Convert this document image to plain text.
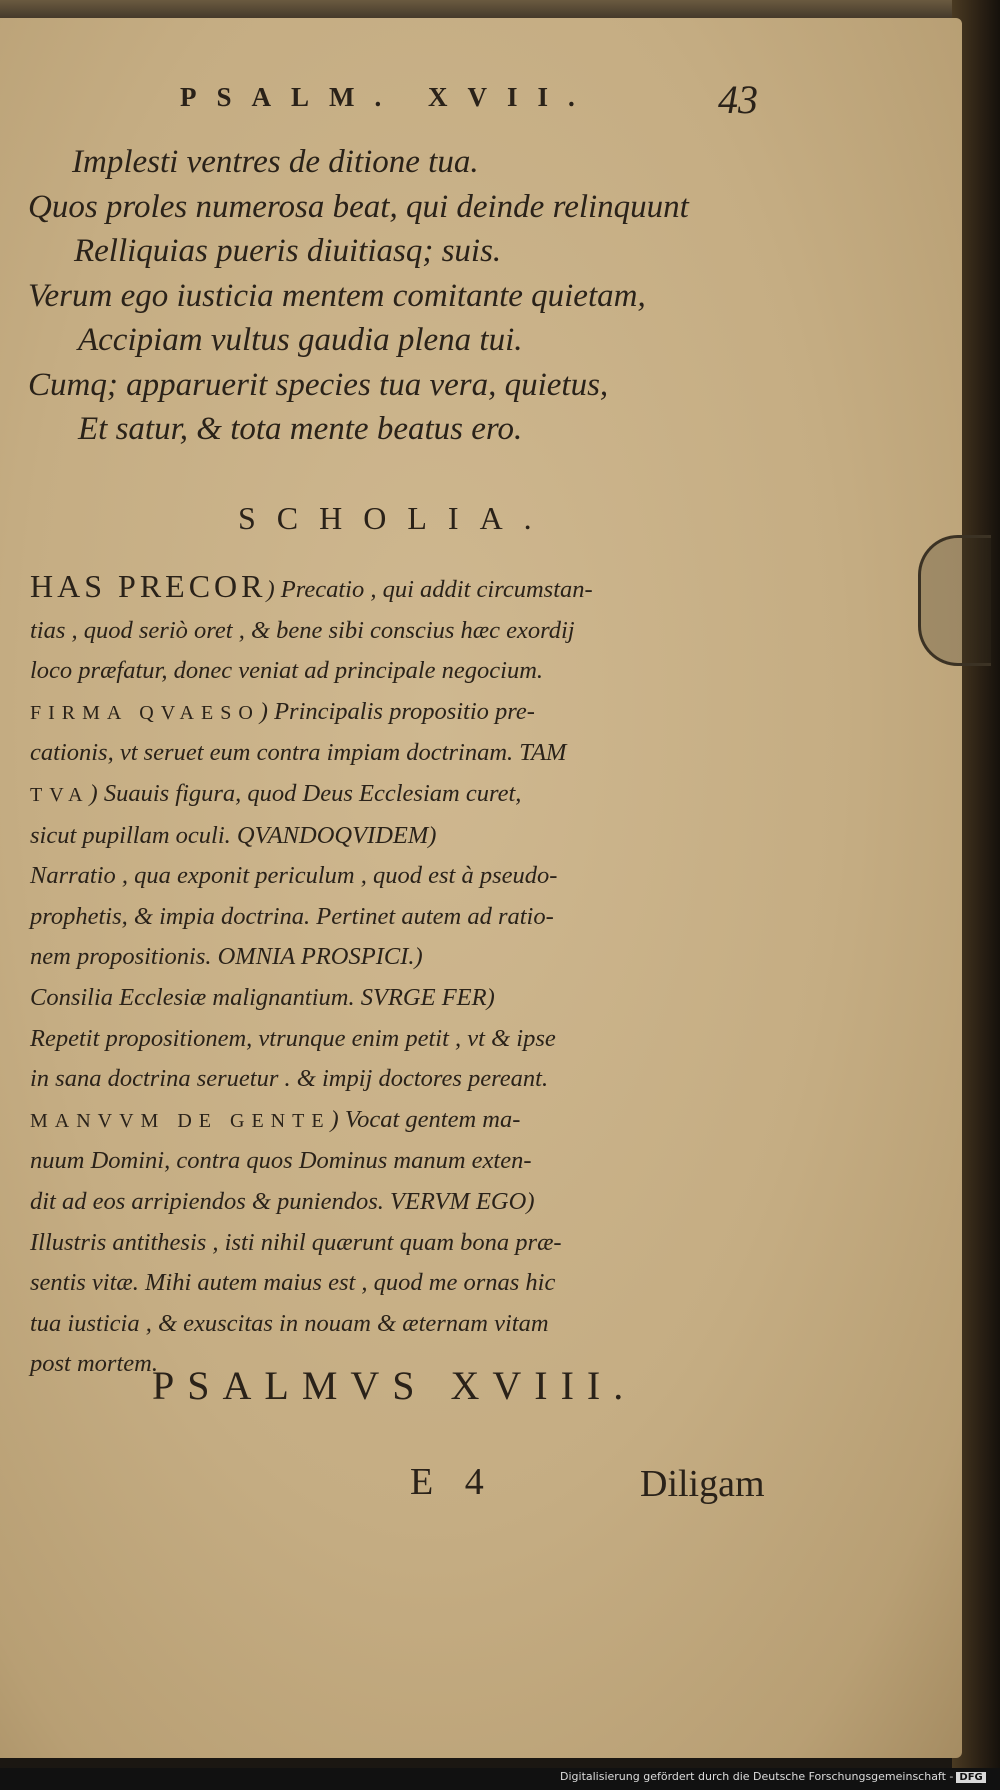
PSALM. XVII.	43
Implesti ventres de ditione tua.
Quos proles numerosa beat, qui deinde relinquunt
Relliquias pueris diuitiasq; suis.
Verum ego iusticia mentem comitante quietam,
Accipiam vultus gaudia plena tui.
Cumq; apparuerit species tua vera, quietus,
Et satur, & tota mente beatus ero.
SCHOLIA.
HAS PRECOR) Precatio , qui addit circumstan-
tias , quod seriò oret , & bene sibi conscius hæc exordij
loco præfatur, donec veniat ad principale negocium.
FIRMA QVAESO) Principalis propositio pre-
cationis, vt seruet eum contra impiam doctrinam. TAM
TVA) Suauis figura, quod Deus Ecclesiam curet,
sicut pupillam oculi. QVANDOQVIDEM)
Narratio , qua exponit periculum , quod est à pseudo-
prophetis, & impia doctrina. Pertinet autem ad ratio-
nem propositionis. OMNIA PROSPICI.)
Consilia Ecclesiæ malignantium. SVRGE FER)
Repetit propositionem, vtrunque enim petit , vt & ipse
in sana doctrina seruetur . & impij doctores pereant.
MANVVM DE GENTE) Vocat gentem ma-
nuum Domini, contra quos Dominus manum exten-
dit ad eos arripiendos & puniendos. VERVM EGO)
Illustris antithesis , isti nihil quærunt quam bona præ-
sentis vitæ. Mihi autem maius est , quod me ornas hic
tua iusticia , & exuscitas in nouam & æternam vitam
post mortem.
PSALMVS XVIII.
E 4	Diligam
Digitalisierung gefördert durch die Deutsche Forschungsgemeinschaft - DFG
